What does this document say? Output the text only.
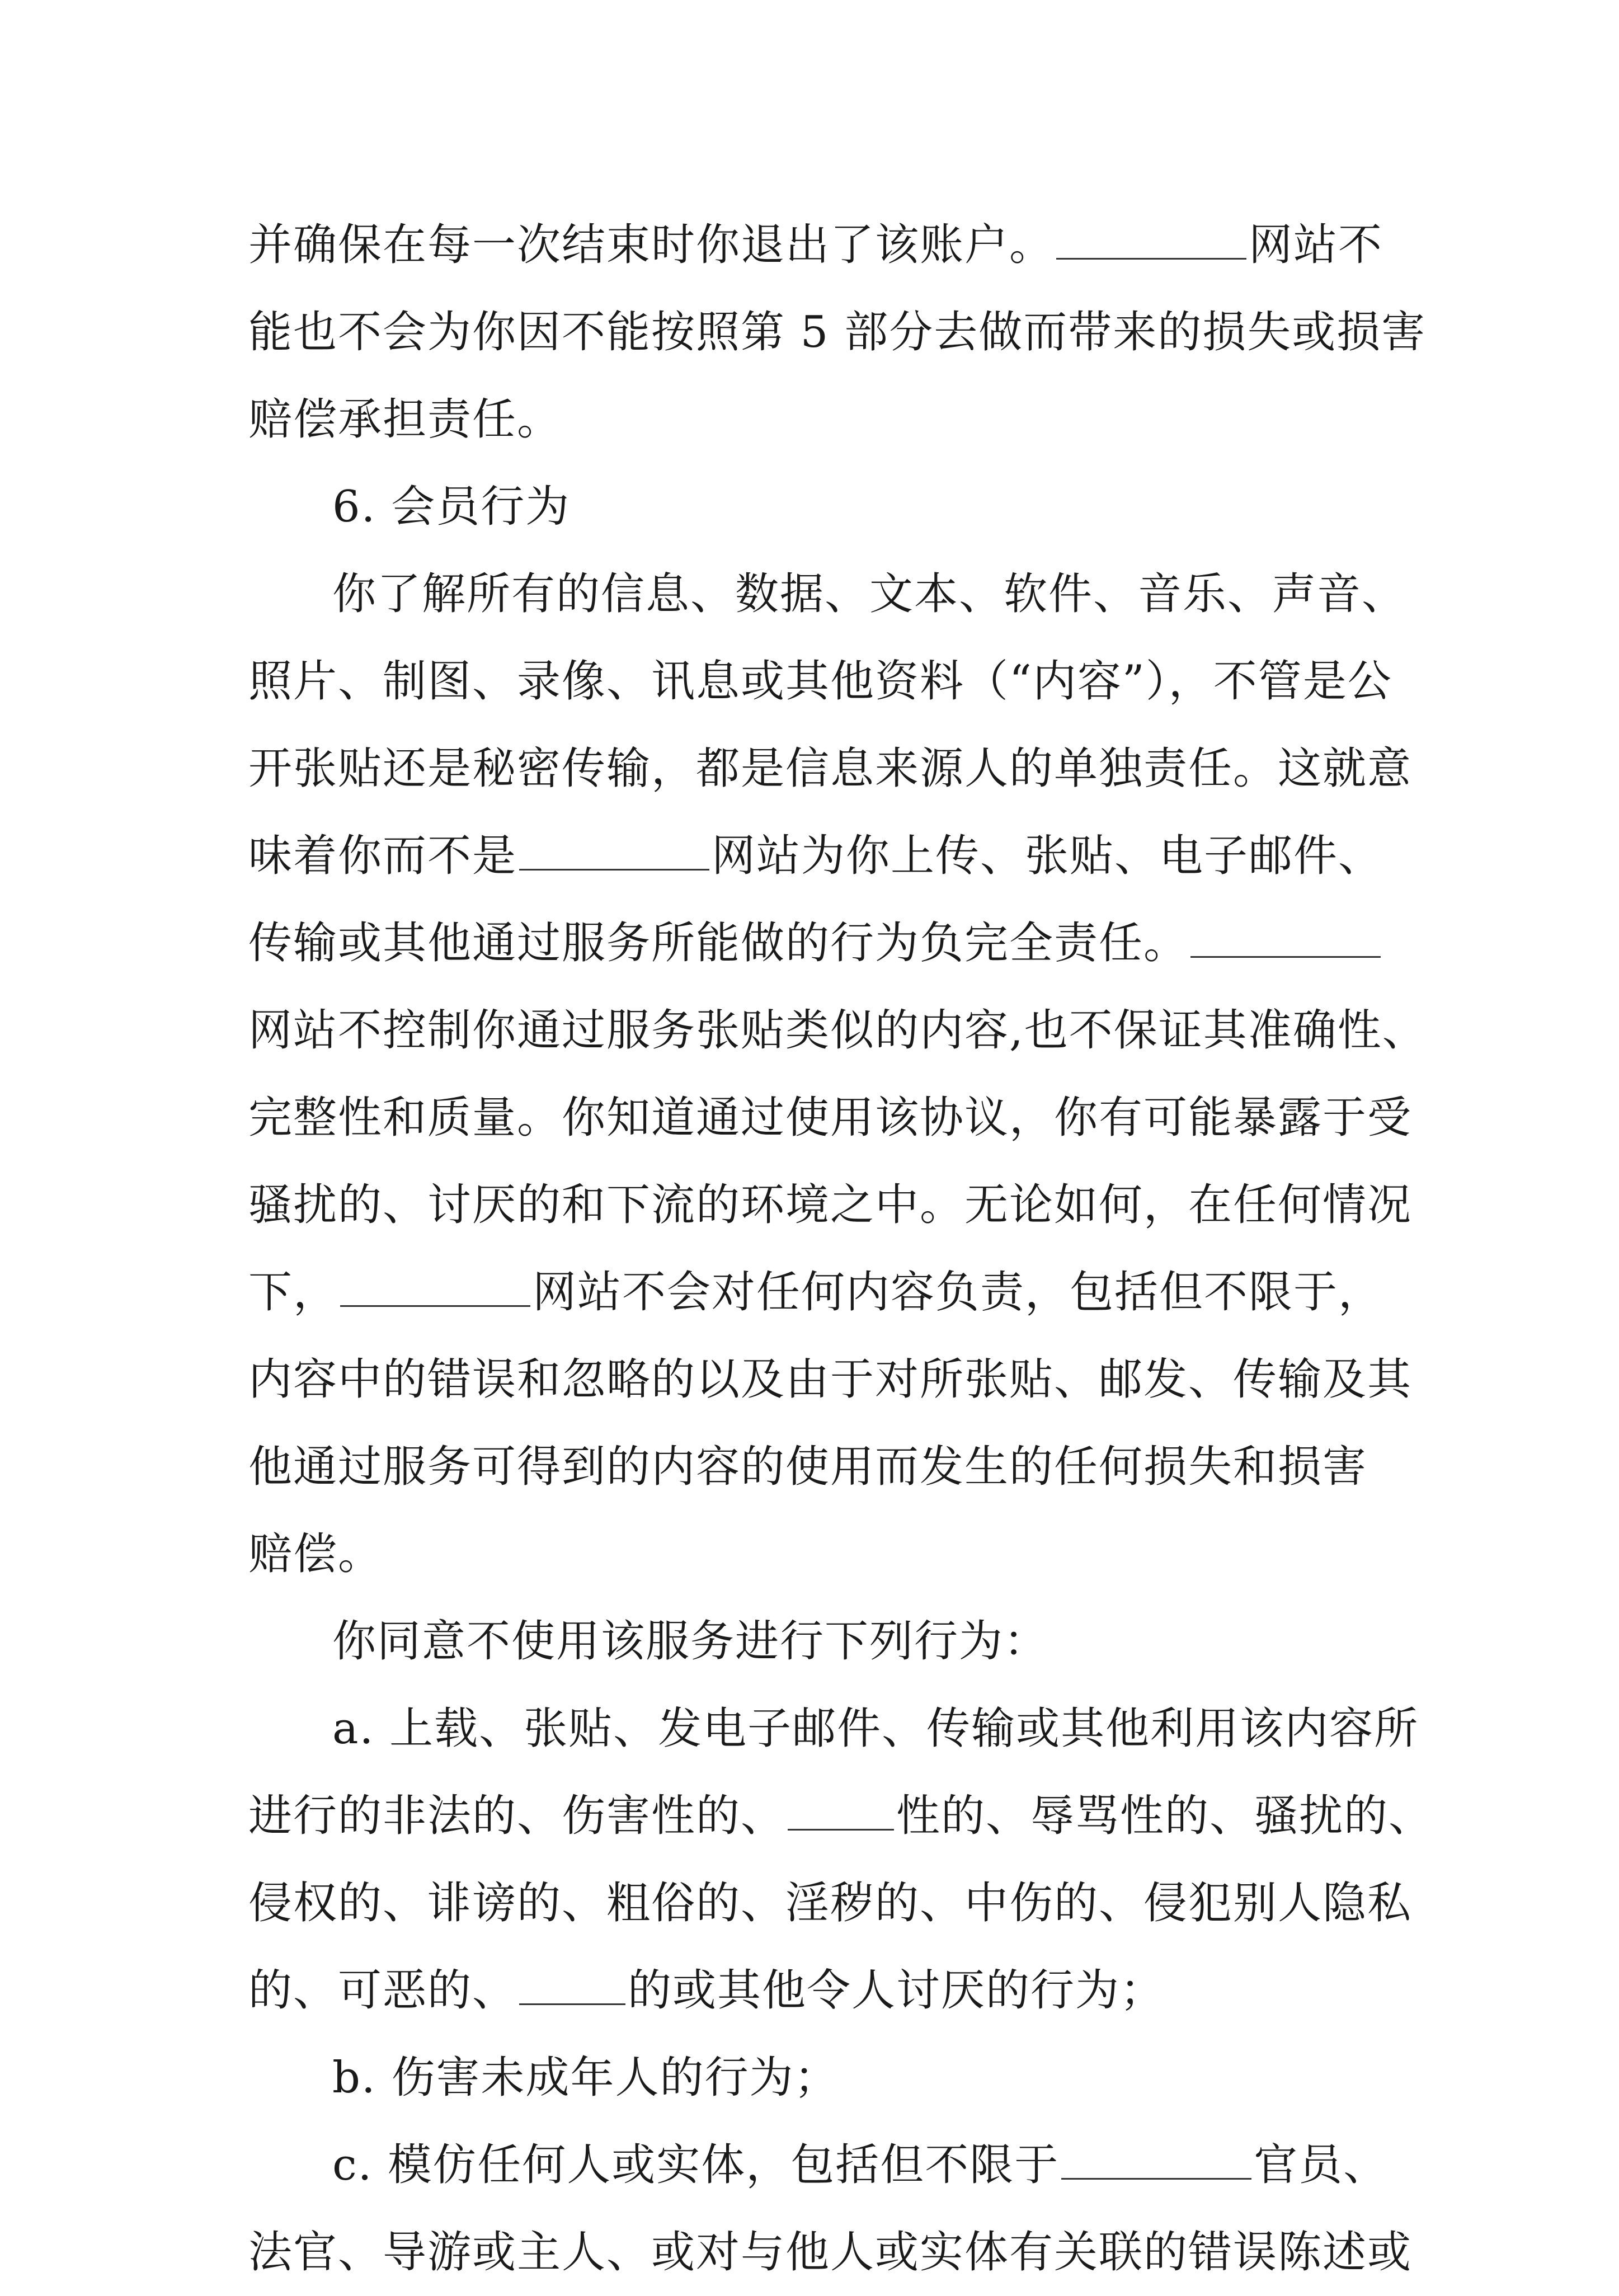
并确保在每一次结束时你退出了该账户。	网站不
能也不会为你因不能按照第 5 部分去做而带来的损失或损害
赔偿承担责任。
6. 会员行为
你了解所有的信息、数据、文本、软件、音乐、声音、
照片、制图、录像、讯息或其他资料（“内容”），不管是公
开张贴还是秘密传输，都是信息来源人的单独责任。这就意
味着你而不是	网站为你上传、张贴、电子邮件、
传输或其他通过服务所能做的行为负完全责任。
网站不控制你通过服务张贴类似的内容,也不保证其准确性、
完整性和质量。你知道通过使用该协议，你有可能暴露于受
骚扰的、讨厌的和下流的环境之中。无论如何，在任何情况
下，	网站不会对任何内容负责，包括但不限于，
内容中的错误和忽略的以及由于对所张贴、邮发、传输及其
他通过服务可得到的内容的使用而发生的任何损失和损害
赔偿。
你同意不使用该服务进行下列行为：
a. 上载、张贴、发电子邮件、传输或其他利用该内容所
进行的非法的、伤害性的、	性的、辱骂性的、骚扰的、
侵权的、诽谤的、粗俗的、淫秽的、中伤的、侵犯别人隐私
的、可恶的、	的或其他令人讨厌的行为；
b. 伤害未成年人的行为；
c. 模仿任何人或实体，包括但不限于	官员、
法官、导游或主人、或对与他人或实体有关联的错误陈述或
